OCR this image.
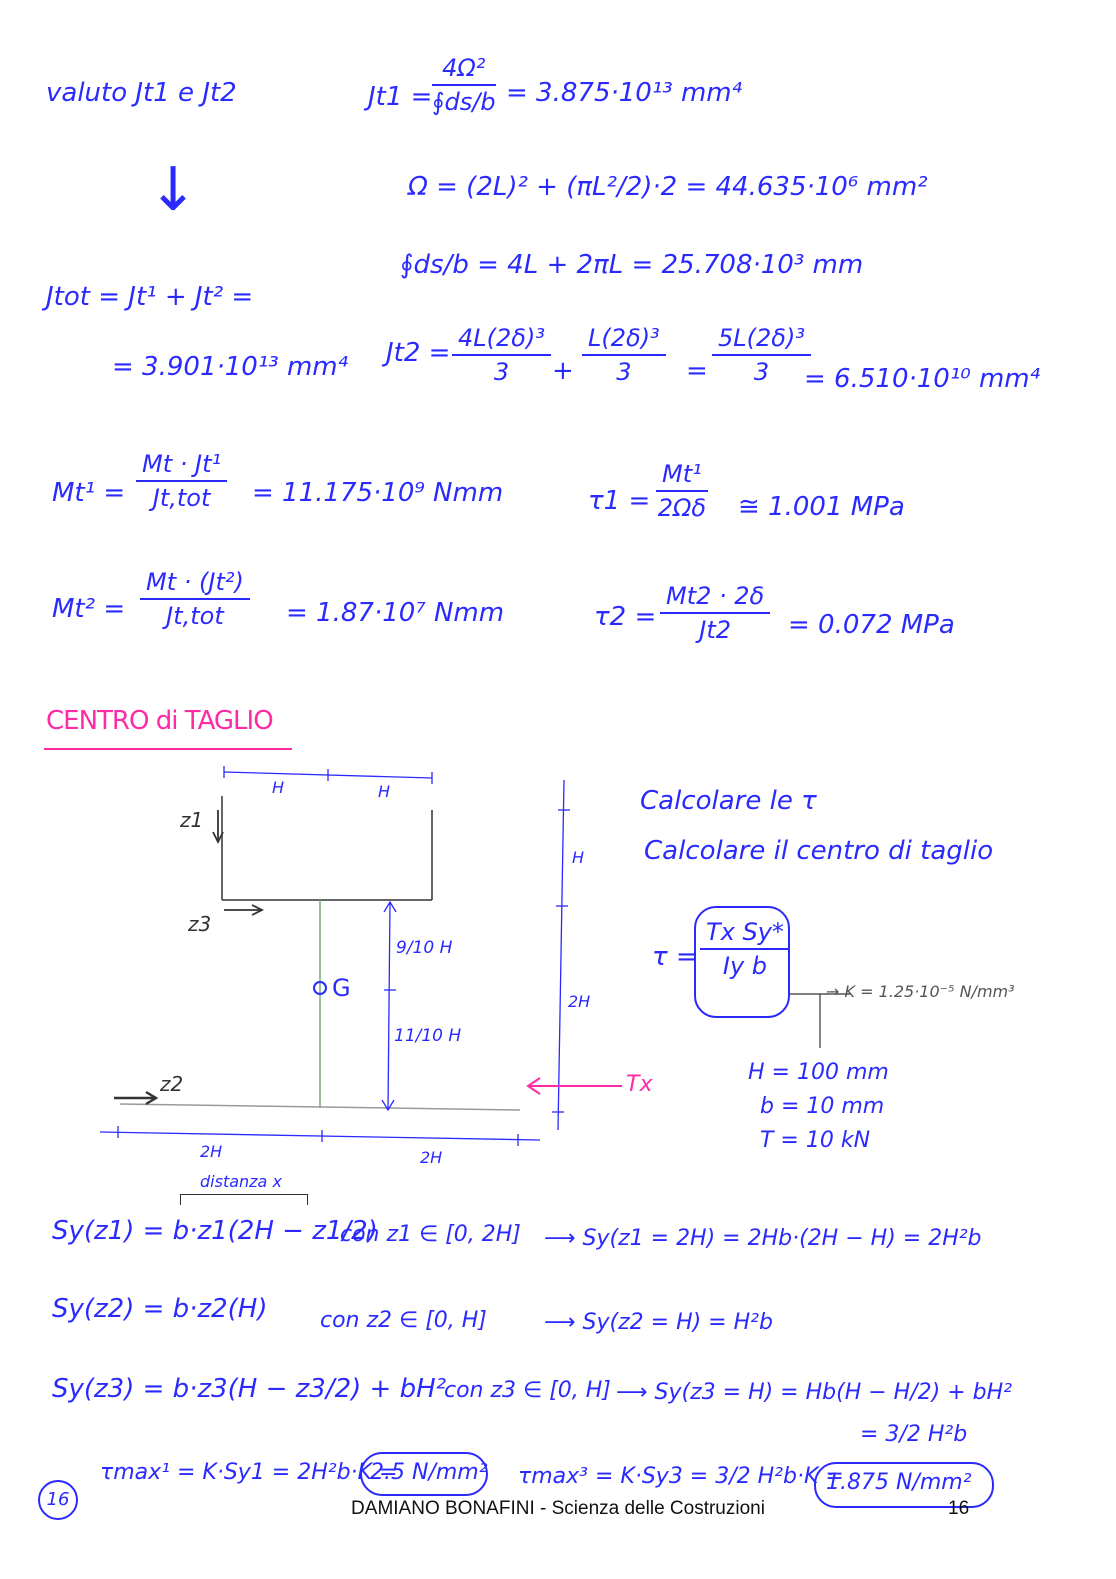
valuto Jt1 e Jt2	Jt1 =
4Ω²
∮ds/b = 3.875·10¹³ mm⁴
↓	Ω = (2L)² + (πL²/2)·2 = 44.635·10⁶ mm²
∮ds/b = 4L + 2πL = 25.708·10³ mm
Jtot = Jt¹ + Jt² =
= 3.901·10¹³ mm⁴ Jt2 = 4L(2δ)³
3	+
L(2δ)³
3	=
5L(2δ)³
3	= 6.510·10¹⁰ mm⁴
Mt¹ =
Mt · Jt¹
Jt,tot	= 11.175·10⁹ Nmm	τ1 =
Mt¹
2Ωδ ≅ 1.001 MPa
Mt² =
Mt · (Jt²)
Jt,tot	= 1.87·10⁷ Nmm	τ2 =
Mt2 · 2δ
Jt2	= 0.072 MPa
CENTRO di TAGLIO
H	H
H
2H
9/10 H
11/10 H
2H	2H
G
z1
z3
z2	Tx
Calcolare le τ
Calcolare il centro di taglio
τ =
Tx Sy*
Iy b
→ K = 1.25·10⁻⁵ N/mm³
H = 100 mm
b = 10 mm
T = 10 kN
distanza x
Sy(z1) = b·z1(2H − z1/2)
con z1 ∈ [0, 2H] ⟶ Sy(z1 = 2H) = 2Hb·(2H − H) = 2H²b
Sy(z2) = b·z2(H) con z2 ∈ [0, H]	⟶ Sy(z2 = H) = H²b
Sy(z3) = b·z3(H − z3/2) + bH²
con z3 ∈ [0, H] ⟶ Sy(z3 = H) = Hb(H − H/2) + bH²
= 3/2 H²b
16
τmax¹ = K·Sy1 = 2H²b·K =
2.5 N/mm² τmax³ = K·Sy3 = 3/2 H²b·K =
1.875 N/mm²
DAMIANO BONAFINI - Scienza delle Costruzioni	16
